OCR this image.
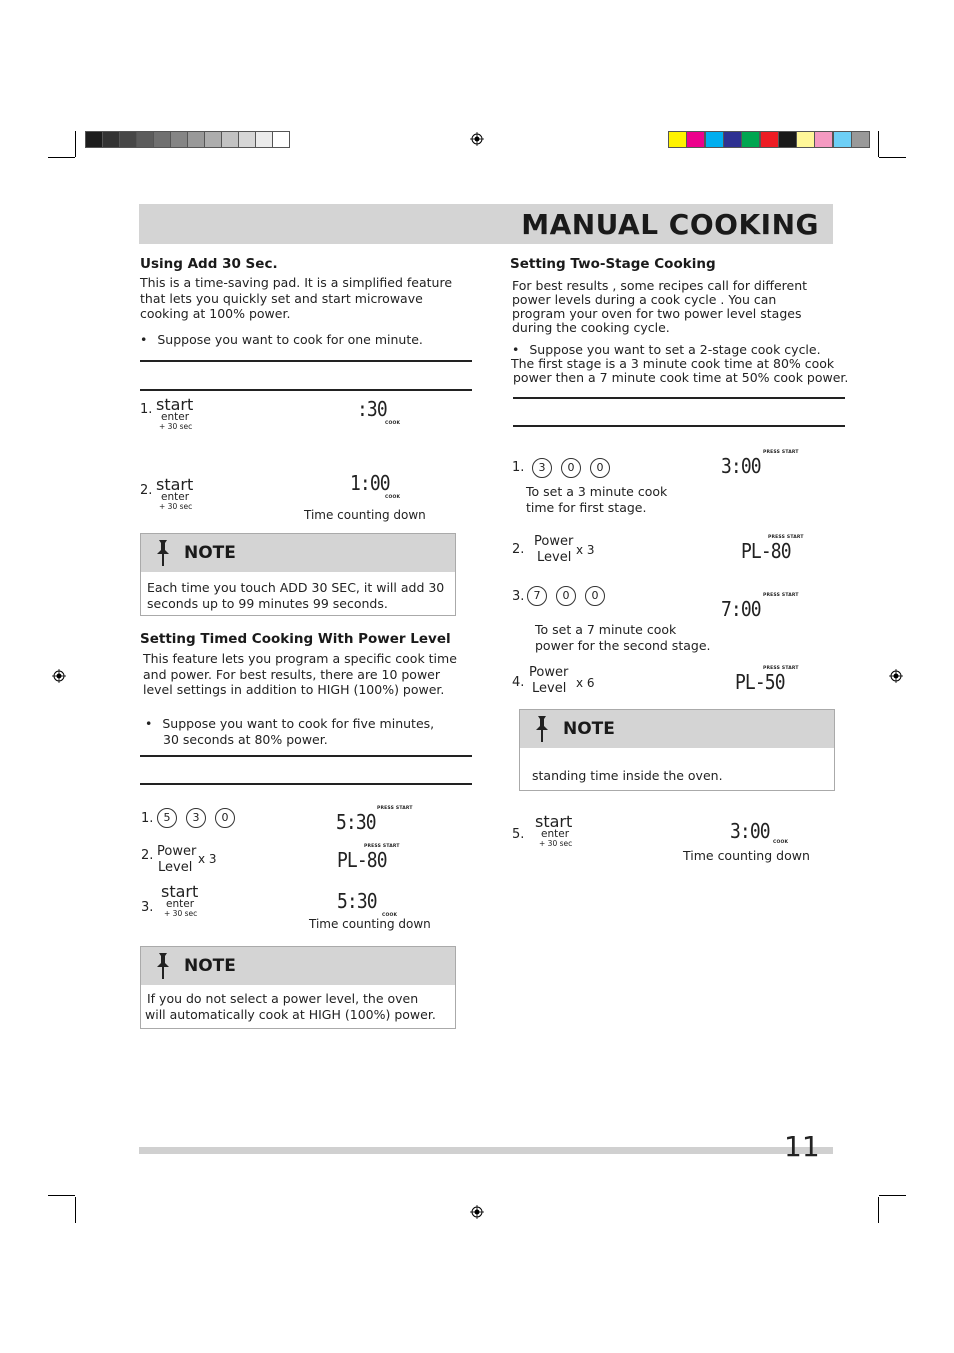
MANUAL COOKING
Using Add 30 Sec.
This is a time-saving pad. It is a simplified feature
that lets you quickly set and start microwave
cooking at 100% power.
• Suppose you want to cook for one minute.
1. start
enter
+ 30 sec
:30
COOK
2. start
enter
+ 30 sec
1:00
COOK
Time counting down
NOTE
Each time you touch ADD 30 SEC, it will add 30
seconds up to 99 minutes 99 seconds.
Setting Timed Cooking With Power Level
This feature lets you program a specific cook time
and power. For best results, there are 10 power
level settings in addition to HIGH (100%) power.
• Suppose you want to cook for five minutes,
30 seconds at 80% power.
1. 5	3	0
PRESS START
5:30
2. Power
Level
x 3
PRESS START
PL-80
3.
start
enter
+ 30 sec
5:30
COOK
Time counting down
NOTE
If you do not select a power level, the oven
will automatically cook at HIGH (100%) power.
Setting Two-Stage Cooking
For best results , some recipes call for different
power levels during a cook cycle . You can
program your oven for two power level stages
during the cooking cycle.
• Suppose you want to set a 2-stage cook cycle.
The first stage is a 3 minute cook time at 80% cook
power then a 7 minute cook time at 50% cook power.
1.	3	0	0
PRESS START
3:00
To set a 3 minute cook
time for first stage.
2.
Power
Level x 3
PRESS START
PL-80
3. 7	0	0	PRESS START
7:00
To set a 7 minute cook
power for the second stage.
4.
Power
Level x 6
PRESS START
PL-50
NOTE
standing time inside the oven.
5.
start
enter
+ 30 sec
3:00 COOK
Time counting down
11
